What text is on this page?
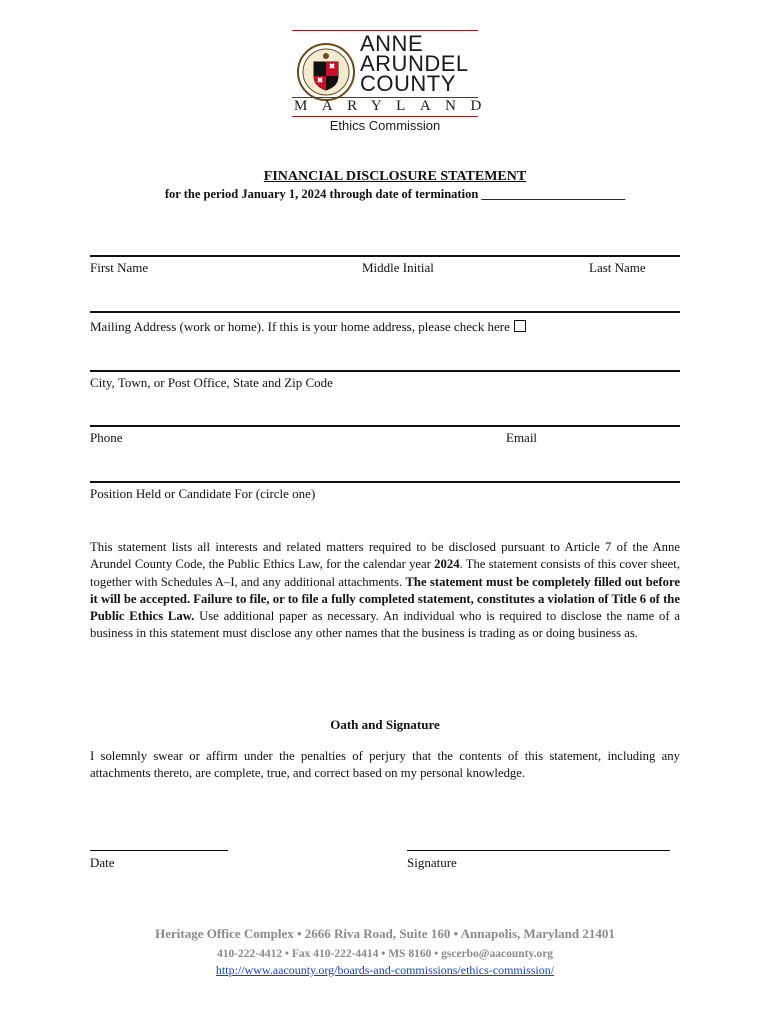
ANNE
ARUNDEL
COUNTY
MARYLAND
Ethics Commission
FINANCIAL DISCLOSURE STATEMENT
for the period January 1, 2024 through date of termination _______________________
First Name	Middle Initial	Last Name
Mailing Address (work or home). If this is your home address, please check here
City, Town, or Post Office, State and Zip Code
Phone	Email
Position Held or Candidate For (circle one)
This statement lists all interests and related matters required to be disclosed pursuant to Article 7 of the Anne Arundel County Code, the Public Ethics Law, for the calendar year 2024. The statement consists of this cover sheet, together with Schedules A–I, and any additional attachments. The statement must be completely filled out before it will be accepted. Failure to file, or to file a fully completed statement, constitutes a violation of Title 6 of the Public Ethics Law. Use additional paper as necessary. An individual who is required to disclose the name of a business in this statement must disclose any other names that the business is trading as or doing business as.
Oath and Signature
I solemnly swear or affirm under the penalties of perjury that the contents of this statement, including any attachments thereto, are complete, true, and correct based on my personal knowledge.
Date	Signature
Heritage Office Complex • 2666 Riva Road, Suite 160 • Annapolis, Maryland 21401
410-222-4412 • Fax 410-222-4414 • MS 8160 • gscerbo@aacounty.org
http://www.aacounty.org/boards-and-commissions/ethics-commission/
